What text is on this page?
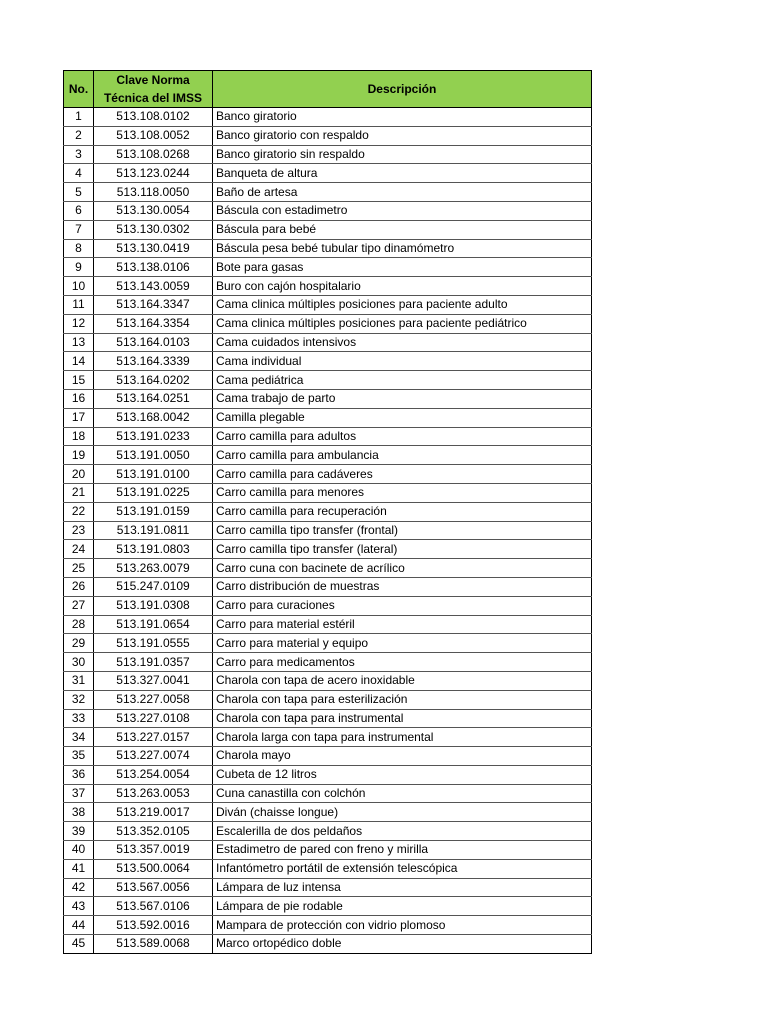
No.	Clave Norma Técnica del IMSS	Descripción
1	513.108.0102	Banco giratorio
2	513.108.0052	Banco giratorio con respaldo
3	513.108.0268	Banco giratorio sin respaldo
4	513.123.0244	Banqueta de altura
5	513.118.0050	Baño de artesa
6	513.130.0054	Báscula con estadimetro
7	513.130.0302	Báscula para bebé
8	513.130.0419	Báscula pesa bebé tubular tipo dinamómetro
9	513.138.0106	Bote para gasas
10	513.143.0059	Buro con cajón hospitalario
11	513.164.3347	Cama clinica múltiples posiciones para paciente adulto
12	513.164.3354	Cama clinica múltiples posiciones para paciente pediátrico
13	513.164.0103	Cama cuidados intensivos
14	513.164.3339	Cama individual
15	513.164.0202	Cama pediátrica
16	513.164.0251	Cama trabajo de parto
17	513.168.0042	Camilla plegable
18	513.191.0233	Carro camilla para adultos
19	513.191.0050	Carro camilla para ambulancia
20	513.191.0100	Carro camilla para cadáveres
21	513.191.0225	Carro camilla para menores
22	513.191.0159	Carro camilla para recuperación
23	513.191.0811	Carro camilla tipo transfer (frontal)
24	513.191.0803	Carro camilla tipo transfer (lateral)
25	513.263.0079	Carro cuna con bacinete de acrílico
26	515.247.0109	Carro distribución de muestras
27	513.191.0308	Carro para curaciones
28	513.191.0654	Carro para material estéril
29	513.191.0555	Carro para material y equipo
30	513.191.0357	Carro para medicamentos
31	513.327.0041	Charola con tapa de acero inoxidable
32	513.227.0058	Charola con tapa para esterilización
33	513.227.0108	Charola con tapa para instrumental
34	513.227.0157	Charola larga con tapa para instrumental
35	513.227.0074	Charola mayo
36	513.254.0054	Cubeta de 12 litros
37	513.263.0053	Cuna canastilla con colchón
38	513.219.0017	Diván (chaisse longue)
39	513.352.0105	Escalerilla de dos peldaños
40	513.357.0019	Estadimetro de pared con freno y mirilla
41	513.500.0064	Infantómetro portátil de extensión telescópica
42	513.567.0056	Lámpara de luz intensa
43	513.567.0106	Lámpara de pie rodable
44	513.592.0016	Mampara de protección con vidrio plomoso
45	513.589.0068	Marco ortopédico doble
